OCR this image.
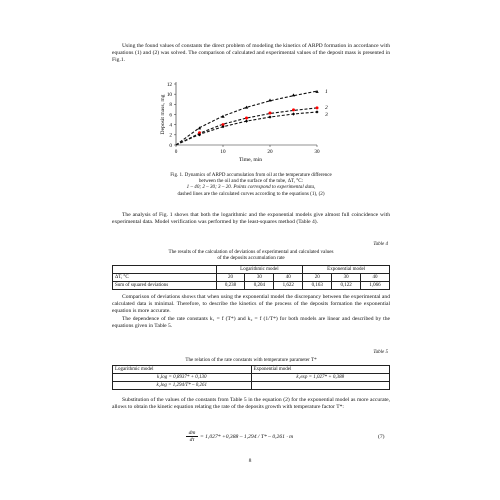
Using the found values of constants the direct problem of modeling the kinetics of ARPD formation in accordance with equations (1) and (2) was solved. The comparison of calculated and experimental values of the deposit mass is presented in Fig.1.
0
2
4
6
8
10
12
0	10	20	30
Time, min
Deposit mass, mg
1
2
3
Fig. 1. Dynamics of ARPD accumulation from oil at the temperature difference
between the oil and the surface of the tube, ΔT, °C:
1 – 40; 2 – 30; 3 – 20. Points correspond to experimental data,
dashed lines are the calculated curves according to the equations (1), (2)
The analysis of Fig. 1 shows that both the logarithmic and the exponential models give almost full coincidence with experimental data. Model verification was performed by the least-squares method (Table 4).
Table 4
The results of the calculation of deviations of experimental and calculated values
of the deposits accumulation rate
	Logarithmic model			Exponential model		
ΔT, °C	20	30	40	20	30	40
Sum of squared deviations	0,238	0,204	1,622	0,163	0,122	1,066
Comparison of deviations shows that when using the exponential model the discrepancy between the experimental and calculated data is minimal. Therefore, to describe the kinetics of the process of the deposits formation the exponential equation is more accurate.
The dependence of the rate constants k₁ = f (T*) and k₂ = f (1/T*) for both models are linear and described by the equations given in Table 5.
Table 5
The relation of the rate constants with temperature parameter T*
Logarithmic model	Exponential model
k₁log = 0,8937* + 0,130	k₁exp = 1,027* + 0,388
k₂log = 1,294/T* – 0,261	
Substitution of the values of the constants from Table 5 in the equation (2) for the exponential model as more accurate, allows to obtain the kinetic equation relating the rate of the deposits growth with temperature factor T*:
$\frac{dm}{d\tau} = 1,027* +0,388 - 1,294 / T* - 0,261 \cdot m$	(7)
8
